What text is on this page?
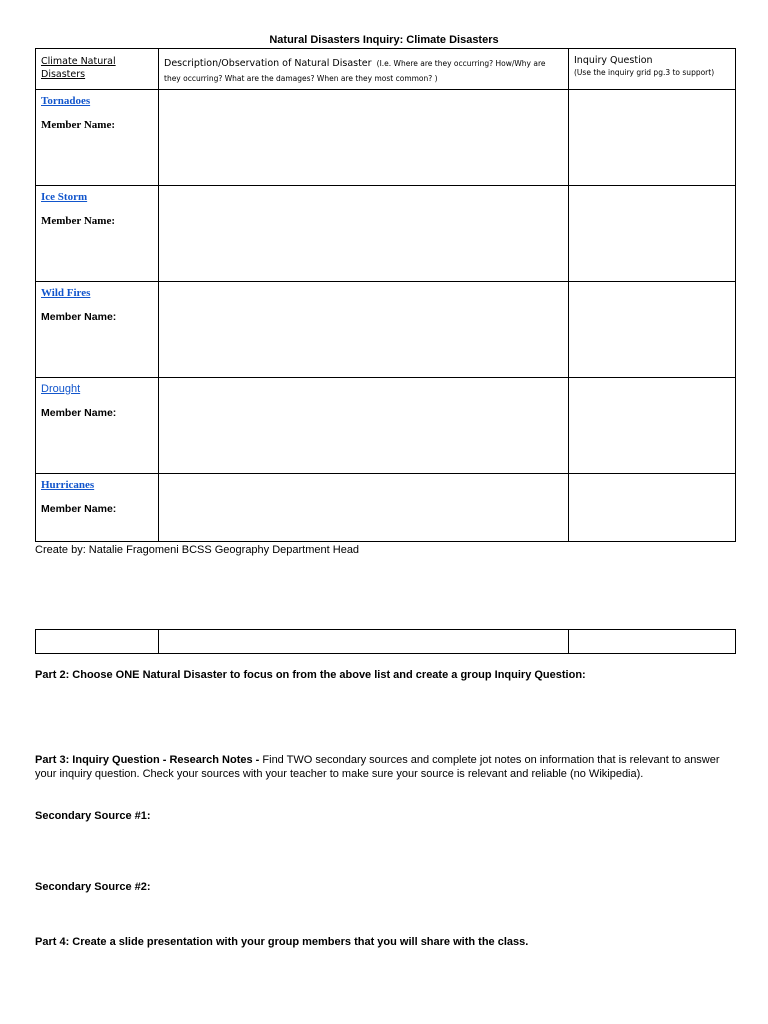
Natural Disasters Inquiry: Climate Disasters
Climate Natural Disasters	Description/Observation of Natural Disaster (I.e. Where are they occurring? How/Why are they occurring? What are the damages? When are they most common? )	Inquiry Question
(Use the inquiry grid pg.3 to support)

Tornadoes
Member Name:		

Ice Storm
Member Name:		

Wild Fires
Member Name:		

Drought
Member Name:		

Hurricanes
Member Name:		

Create by: Natalie Fragomeni BCSS Geography Department Head

Part 2: Choose ONE Natural Disaster to focus on from the above list and create a group Inquiry Question:
Part 3: Inquiry Question - Research Notes - Find TWO secondary sources and complete jot notes on information that is relevant to answer your inquiry question. Check your sources with your teacher to make sure your source is relevant and reliable (no Wikipedia).
Secondary Source #1:
Secondary Source #2:
Part 4: Create a slide presentation with your group members that you will share with the class.
